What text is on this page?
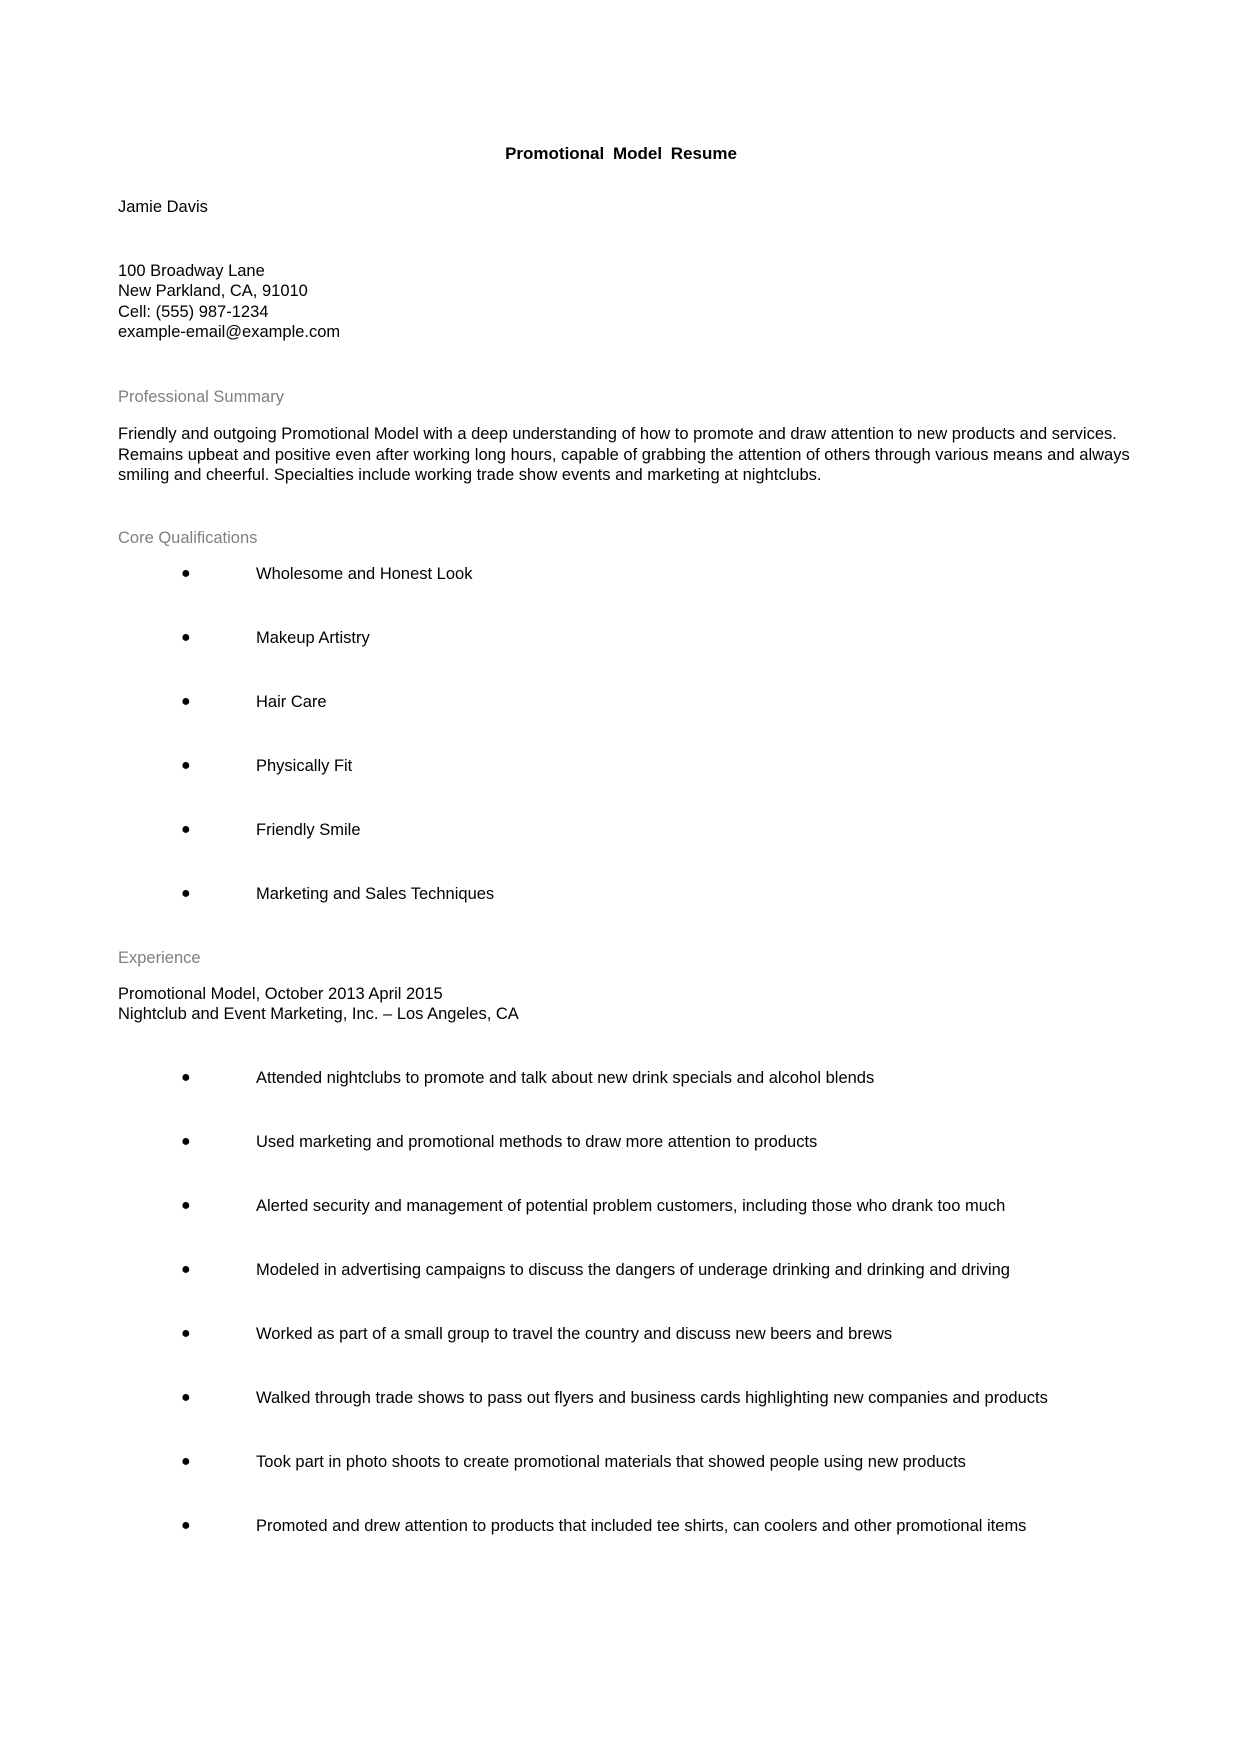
Promotional Model Resume
Jamie Davis
100 Broadway Lane
New Parkland, CA, 91010
Cell: (555) 987-1234
example-email@example.com
Professional Summary
Friendly and outgoing Promotional Model with a deep understanding of how to promote and draw attention to new products and services. Remains upbeat and positive even after working long hours, capable of grabbing the attention of others through various means and always smiling and cheerful. Specialties include working trade show events and marketing at nightclubs.
Core Qualifications
●	Wholesome and Honest Look
●	Makeup Artistry
●	Hair Care
●	Physically Fit
●	Friendly Smile
●	Marketing and Sales Techniques
Experience
Promotional Model, October 2013 April 2015
Nightclub and Event Marketing, Inc. – Los Angeles, CA
●	Attended nightclubs to promote and talk about new drink specials and alcohol blends
●	Used marketing and promotional methods to draw more attention to products
●	Alerted security and management of potential problem customers, including those who drank too much
●	Modeled in advertising campaigns to discuss the dangers of underage drinking and drinking and driving
●	Worked as part of a small group to travel the country and discuss new beers and brews
●	Walked through trade shows to pass out flyers and business cards highlighting new companies and products
●	Took part in photo shoots to create promotional materials that showed people using new products
●	Promoted and drew attention to products that included tee shirts, can coolers and other promotional items
